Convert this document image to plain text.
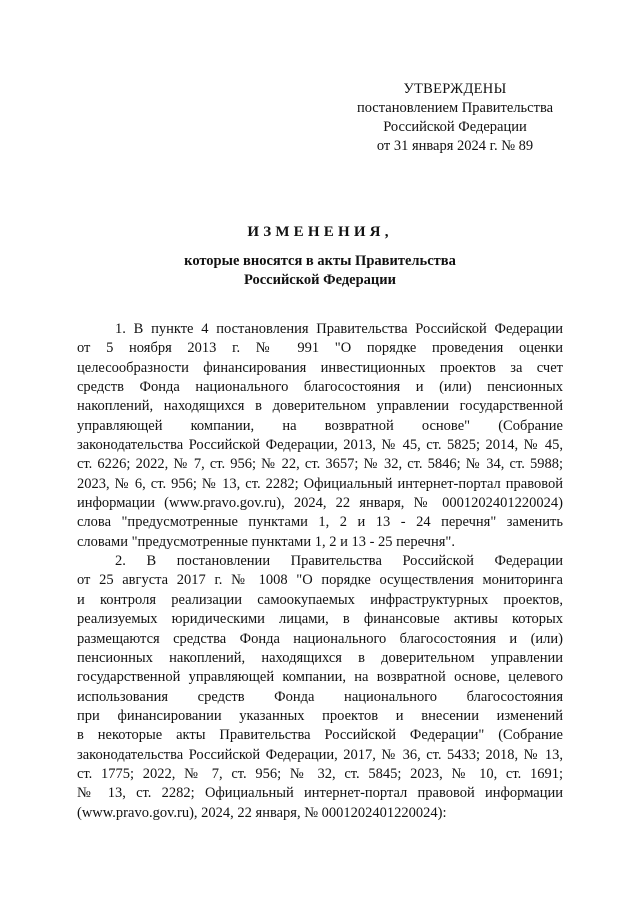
УТВЕРЖДЕНЫ
постановлением Правительства
Российской Федерации
от 31 января 2024 г. № 89
ИЗМЕНЕНИЯ,
которые вносятся в акты Правительства
Российской Федерации
1. В пункте 4 постановления Правительства Российской Федерации
от 5 ноября 2013 г. № 991 "О порядке проведения оценки
целесообразности финансирования инвестиционных проектов за счет
средств Фонда национального благосостояния и (или) пенсионных
накоплений, находящихся в доверительном управлении государственной
управляющей компании, на возвратной основе" (Собрание
законодательства Российской Федерации, 2013, № 45, ст. 5825; 2014, № 45,
ст. 6226; 2022, № 7, ст. 956; № 22, ст. 3657; № 32, ст. 5846; № 34, ст. 5988;
2023, № 6, ст. 956; № 13, ст. 2282; Официальный интернет-портал правовой
информации (www.pravo.gov.ru), 2024, 22 января, № 0001202401220024)
слова "предусмотренные пунктами 1, 2 и 13 - 24 перечня" заменить
словами "предусмотренные пунктами 1, 2 и 13 - 25 перечня".
2. В постановлении Правительства Российской Федерации
от 25 августа 2017 г. № 1008 "О порядке осуществления мониторинга
и контроля реализации самоокупаемых инфраструктурных проектов,
реализуемых юридическими лицами, в финансовые активы которых
размещаются средства Фонда национального благосостояния и (или)
пенсионных накоплений, находящихся в доверительном управлении
государственной управляющей компании, на возвратной основе, целевого
использования средств Фонда национального благосостояния
при финансировании указанных проектов и внесении изменений
в некоторые акты Правительства Российской Федерации" (Собрание
законодательства Российской Федерации, 2017, № 36, ст. 5433; 2018, № 13,
ст. 1775; 2022, № 7, ст. 956; № 32, ст. 5845; 2023, № 10, ст. 1691;
№ 13, ст. 2282; Официальный интернет-портал правовой информации
(www.pravo.gov.ru), 2024, 22 января, № 0001202401220024):
